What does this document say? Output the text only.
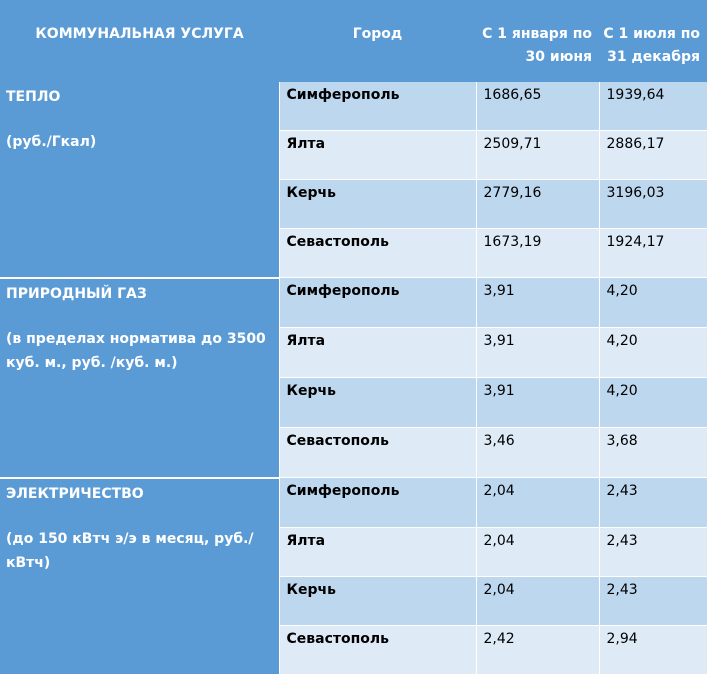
КОММУНАЛЬНАЯ УСЛУГА	Город	С 1 января по 30 июня	С 1 июля по 31 декабря

ТЕПЛО
(руб./Гкал)	Симферополь	1686,65	1939,64
	Ялта	2509,71	2886,17
	Керчь	2779,16	3196,03
	Севастополь	1673,19	1924,17

ПРИРОДНЫЙ ГАЗ
(в пределах норматива до 3500 куб. м., руб. /куб. м.)	Симферополь	3,91	4,20
	Ялта	3,91	4,20
	Керчь	3,91	4,20
	Севастополь	3,46	3,68

ЭЛЕКТРИЧЕСТВО
(до 150 кВтч э/э в месяц, руб./кВтч)	Симферополь	2,04	2,43
	Ялта	2,04	2,43
	Керчь	2,04	2,43
	Севастополь	2,42	2,94
